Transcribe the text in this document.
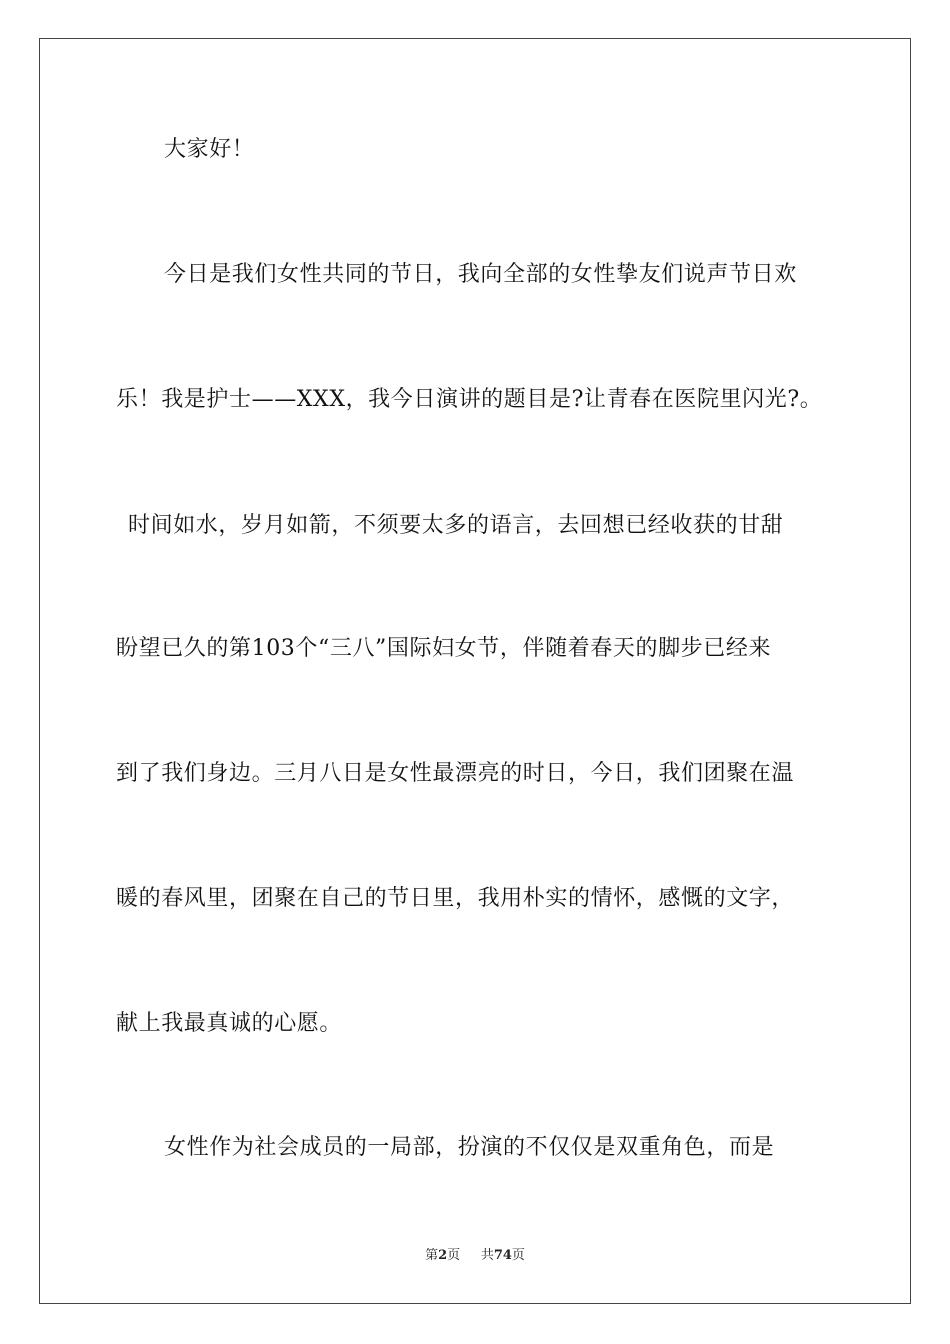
大家好！
今日是我们女性共同的节日，我向全部的女性挚友们说声节日欢
乐！我是护士——XXX，我今日演讲的题目是?让青春在医院里闪光?。
时间如水，岁月如箭，不须要太多的语言，去回想已经收获的甘甜
盼望已久的第103个“三八”国际妇女节，伴随着春天的脚步已经来
到了我们身边。三月八日是女性最漂亮的时日，今日，我们团聚在温
暖的春风里，团聚在自己的节日里，我用朴实的情怀，感慨的文字，
献上我最真诚的心愿。
女性作为社会成员的一局部，扮演的不仅仅是双重角色，而是
第2页 共74页
